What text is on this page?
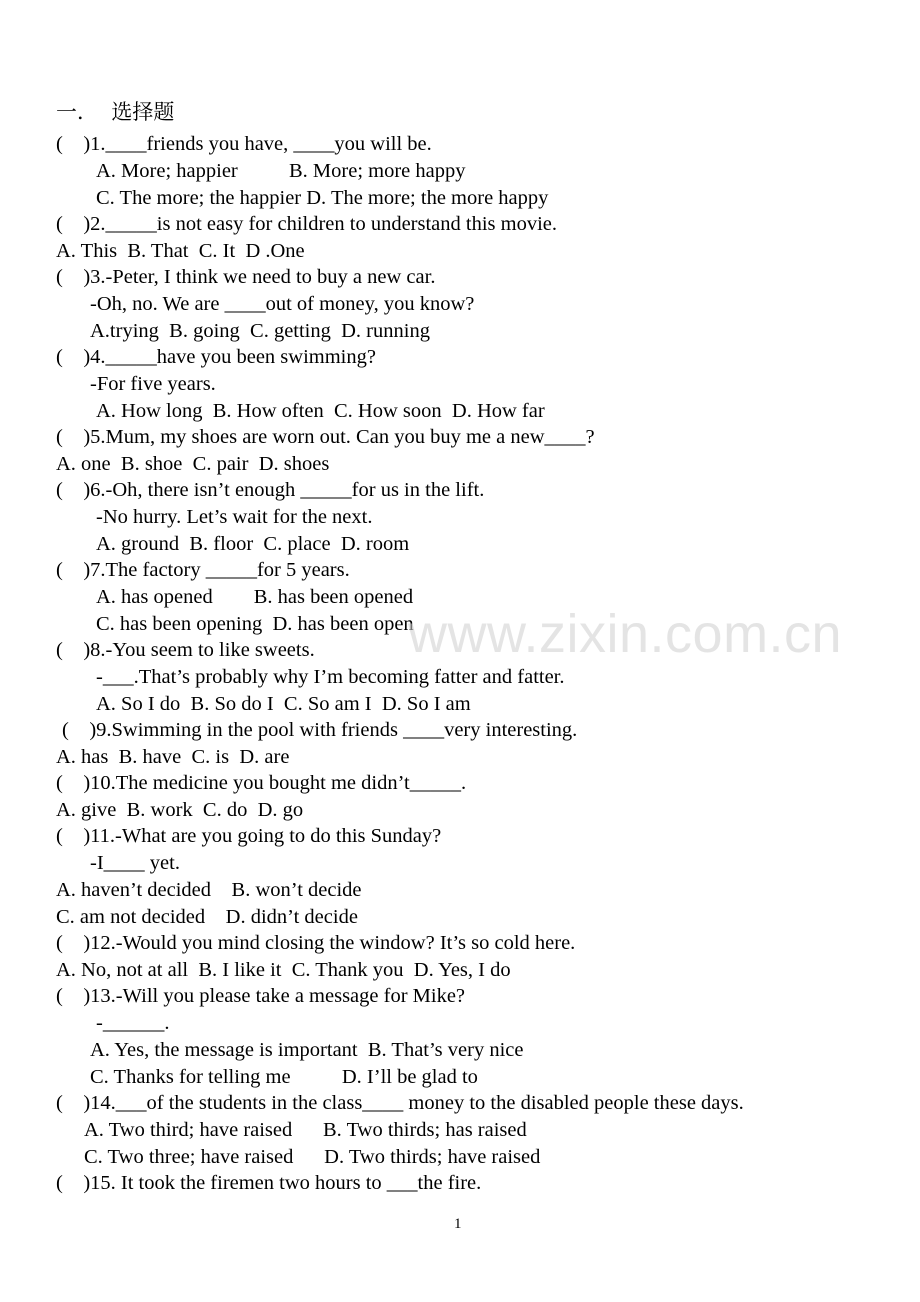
一．  选择题
(    )1.____friends you have, ____you will be.
A. More; happier          B. More; more happy
C. The more; the happier D. The more; the more happy
(    )2._____is not easy for children to understand this movie.
A. This  B. That  C. It  D .One
(    )3.-Peter, I think we need to buy a new car.
-Oh, no. We are ____out of money, you know?
A.trying  B. going  C. getting  D. running
(    )4._____have you been swimming?
-For five years.
A. How long  B. How often  C. How soon  D. How far
(    )5.Mum, my shoes are worn out. Can you buy me a new____?
A. one  B. shoe  C. pair  D. shoes
(    )6.-Oh, there isn’t enough _____for us in the lift.
-No hurry. Let’s wait for the next.
A. ground  B. floor  C. place  D. room
(    )7.The factory _____for 5 years.
A. has opened        B. has been opened
C. has been opening  D. has been open
(    )8.-You seem to like sweets.
-___.That’s probably why I’m becoming fatter and fatter.
A. So I do  B. So do I  C. So am I  D. So I am
(    )9.Swimming in the pool with friends ____very interesting.
A. has  B. have  C. is  D. are
(    )10.The medicine you bought me didn’t_____.
A. give  B. work  C. do  D. go
(    )11.-What are you going to do this Sunday?
-I____ yet.
A. haven’t decided    B. won’t decide
C. am not decided    D. didn’t decide
(    )12.-Would you mind closing the window? It’s so cold here.
A. No, not at all  B. I like it  C. Thank you  D. Yes, I do
(    )13.-Will you please take a message for Mike?
-______.
A. Yes, the message is important  B. That’s very nice
C. Thanks for telling me          D. I’ll be glad to
(    )14.___of the students in the class____ money to the disabled people these days.
A. Two third; have raised      B. Two thirds; has raised
C. Two three; have raised      D. Two thirds; have raised
(    )15. It took the firemen two hours to ___the fire.
www.zixin.com.cn
1
